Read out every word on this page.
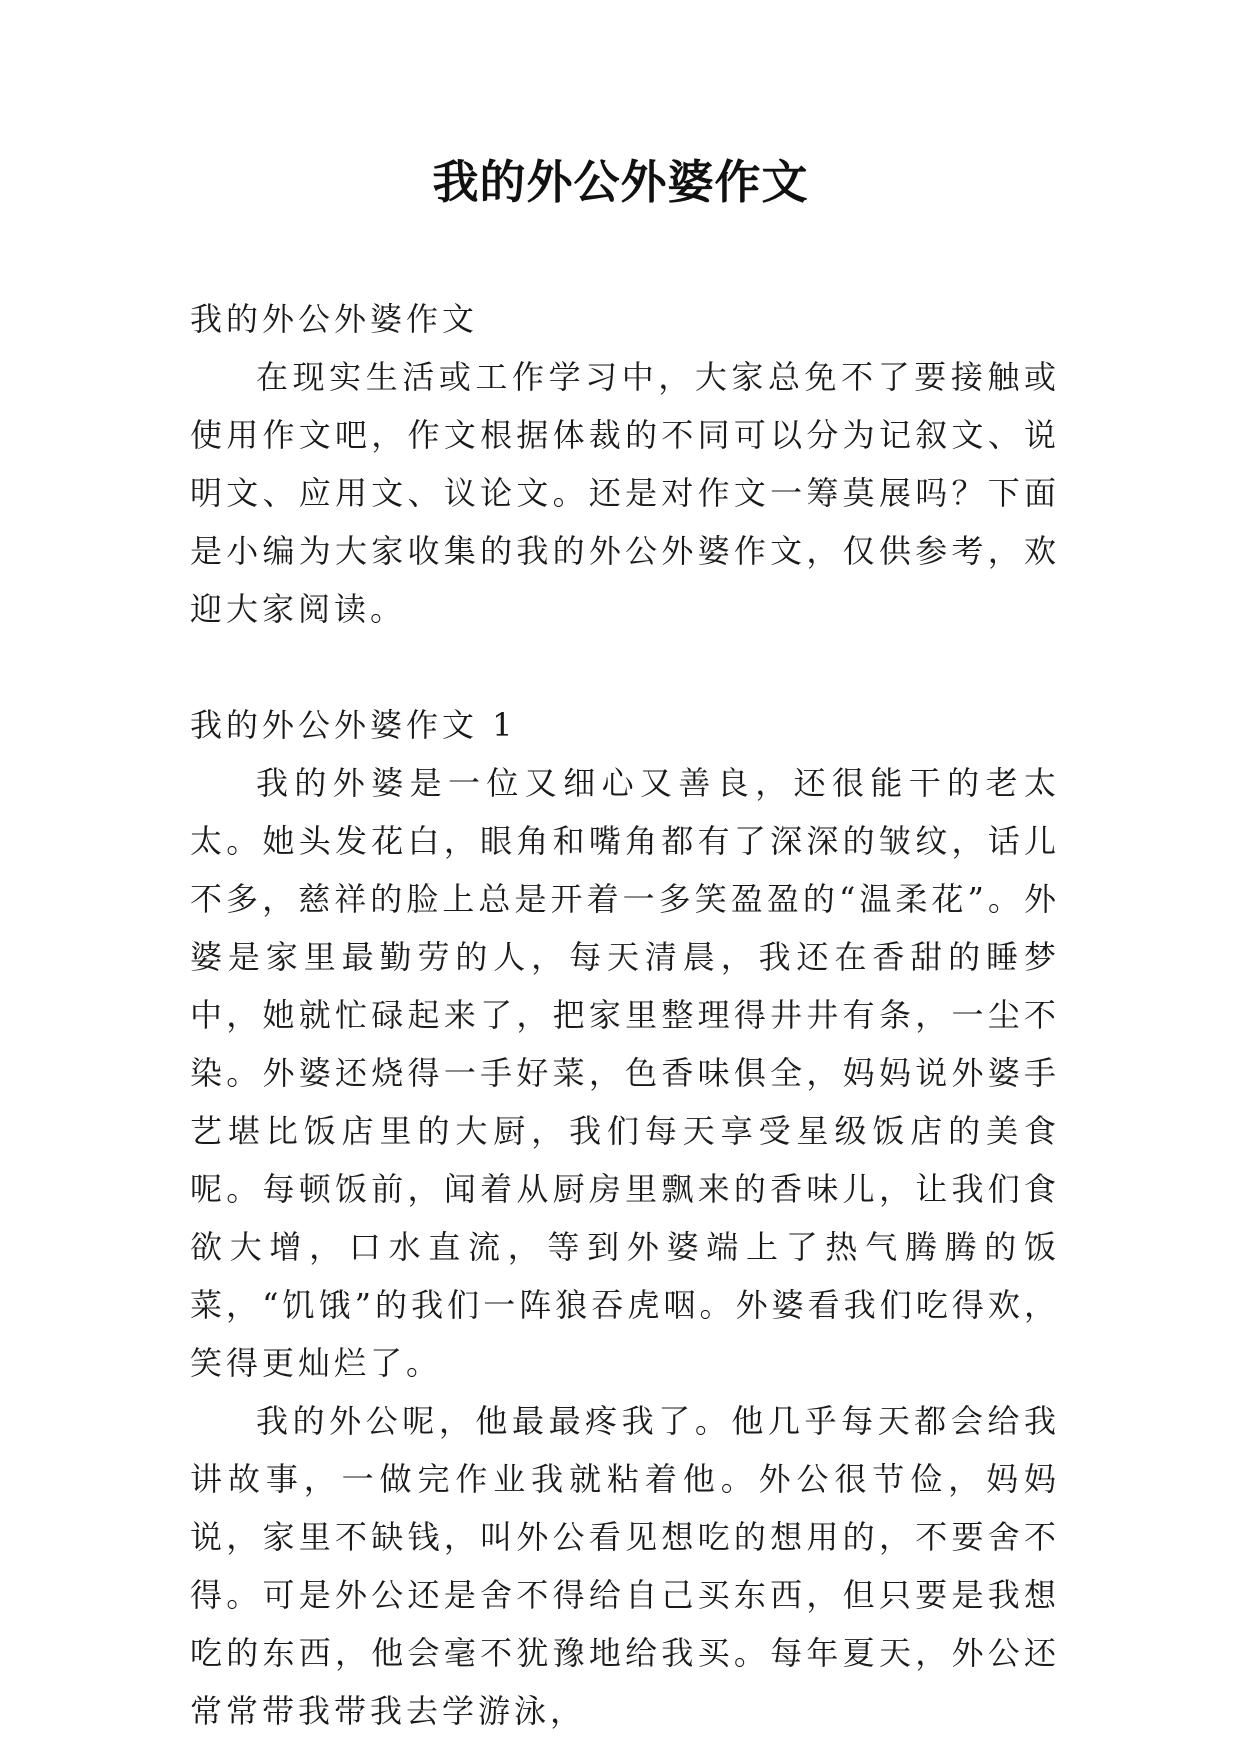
我的外公外婆作文

我的外公外婆作文

在现实生活或工作学习中，大家总免不了要接触或使用作文吧，作文根据体裁的不同可以分为记叙文、说明文、应用文、议论文。还是对作文一筹莫展吗？下面是小编为大家收集的我的外公外婆作文，仅供参考，欢迎大家阅读。

我的外公外婆作文 1

我的外婆是一位又细心又善良，还很能干的老太太。她头发花白，眼角和嘴角都有了深深的皱纹，话儿不多，慈祥的脸上总是开着一多笑盈盈的“温柔花”。外婆是家里最勤劳的人，每天清晨，我还在香甜的睡梦中，她就忙碌起来了，把家里整理得井井有条，一尘不染。外婆还烧得一手好菜，色香味俱全，妈妈说外婆手艺堪比饭店里的大厨，我们每天享受星级饭店的美食呢。每顿饭前，闻着从厨房里飘来的香味儿，让我们食欲大增，口水直流，等到外婆端上了热气腾腾的饭菜，“饥饿”的我们一阵狼吞虎咽。外婆看我们吃得欢，笑得更灿烂了。

我的外公呢，他最最疼我了。他几乎每天都会给我讲故事，一做完作业我就粘着他。外公很节俭，妈妈说，家里不缺钱，叫外公看见想吃的想用的，不要舍不得。可是外公还是舍不得给自己买东西，但只要是我想吃的东西，他会毫不犹豫地给我买。每年夏天，外公还常常带我带我去学游泳，
